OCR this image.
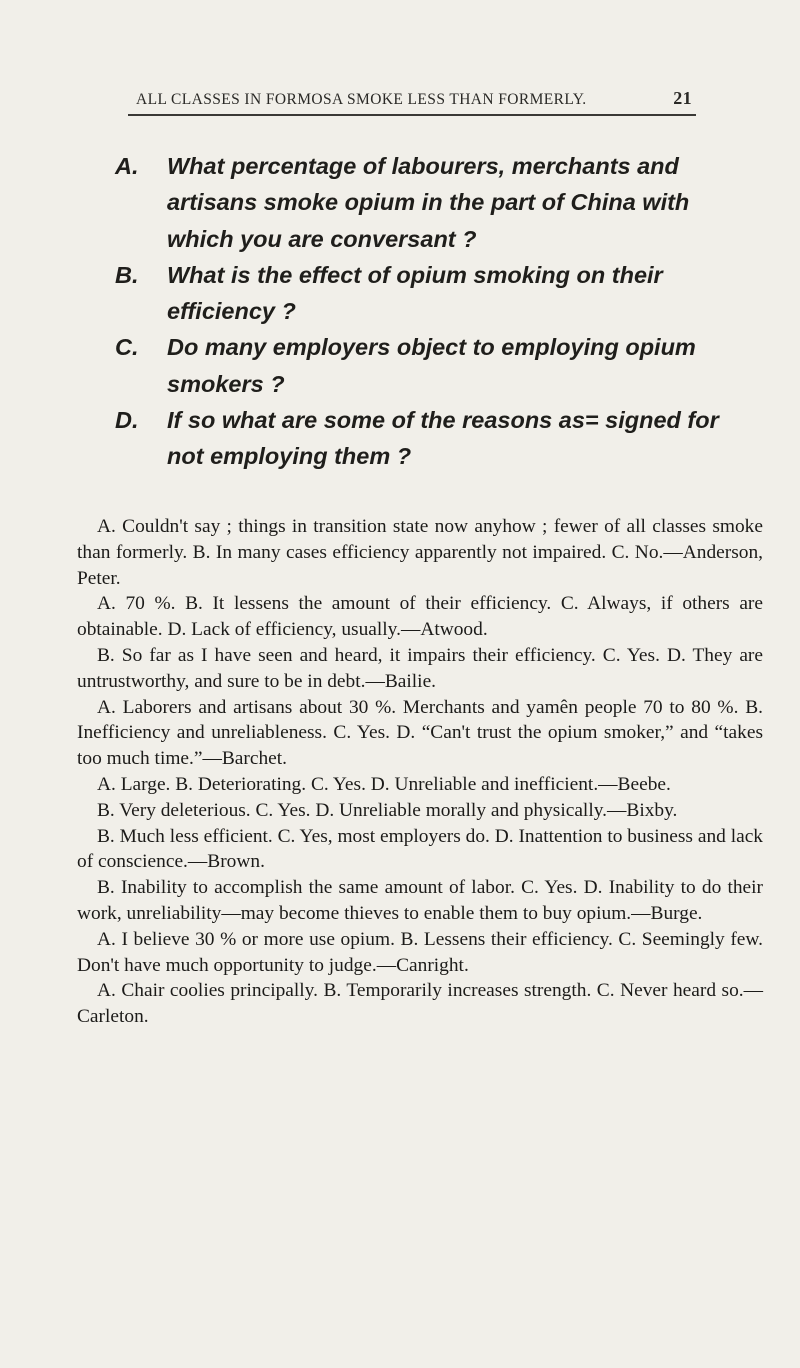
ALL CLASSES IN FORMOSA SMOKE LESS THAN FORMERLY.	21
A.	What percentage of labourers, merchants and artisans smoke opium in the part of China with which you are conversant ?
B.	What is the effect of opium smoking on their efficiency ?
C.	Do many employers object to employing opium smokers ?
D.	If so what are some of the reasons as= signed for not employing them ?

A. Couldn't say ; things in transition state now anyhow ; fewer of all classes smoke than formerly. B. In many cases efficiency apparently not impaired. C. No.—Anderson, Peter.

A. 70 %. B. It lessens the amount of their efficiency. C. Always, if others are obtainable. D. Lack of efficiency, usually.—Atwood.

B. So far as I have seen and heard, it impairs their efficiency. C. Yes. D. They are untrustworthy, and sure to be in debt.—Bailie.

A. Laborers and artisans about 30 %. Merchants and yamên people 70 to 80 %. B. Inefficiency and unreliableness. C. Yes. D. “Can't trust the opium smoker,” and “takes too much time.”—Barchet.

A. Large. B. Deteriorating. C. Yes. D. Unreliable and inefficient.—Beebe.

B. Very deleterious. C. Yes. D. Unreliable morally and physically.—Bixby.

B. Much less efficient. C. Yes, most employers do. D. Inattention to business and lack of conscience.—Brown.

B. Inability to accomplish the same amount of labor. C. Yes. D. Inability to do their work, unreliability—may become thieves to enable them to buy opium.—Burge.

A. I believe 30 % or more use opium. B. Lessens their efficiency. C. Seemingly few. Don't have much opportunity to judge.—Canright.

A. Chair coolies principally. B. Temporarily increases strength. C. Never heard so.—Carleton.
